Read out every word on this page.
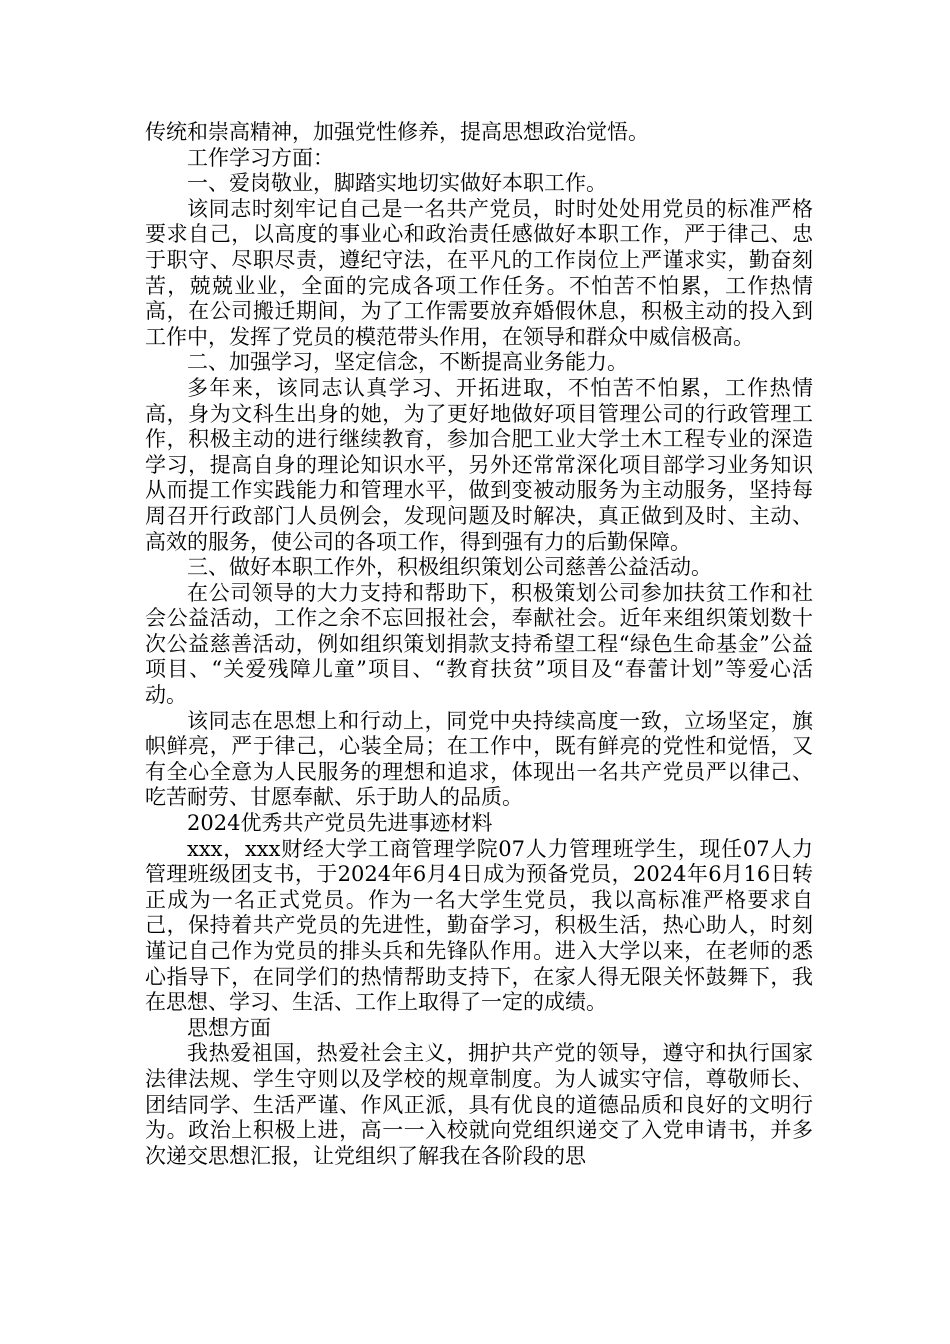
传统和崇高精神，加强党性修养，提高思想政治觉悟。

工作学习方面：

一、爱岗敬业，脚踏实地切实做好本职工作。

该同志时刻牢记自己是一名共产党员，时时处处用党员的标准严格要求自己，以高度的事业心和政治责任感做好本职工作，严于律己、忠于职守、尽职尽责，遵纪守法，在平凡的工作岗位上严谨求实，勤奋刻苦，兢兢业业，全面的完成各项工作任务。不怕苦不怕累，工作热情高，在公司搬迁期间，为了工作需要放弃婚假休息，积极主动的投入到工作中，发挥了党员的模范带头作用，在领导和群众中威信极高。

二、加强学习，坚定信念，不断提高业务能力。

多年来，该同志认真学习、开拓进取，不怕苦不怕累，工作热情高，身为文科生出身的她，为了更好地做好项目管理公司的行政管理工作，积极主动的进行继续教育，参加合肥工业大学土木工程专业的深造学习，提高自身的理论知识水平，另外还常常深化项目部学习业务知识从而提工作实践能力和管理水平，做到变被动服务为主动服务，坚持每周召开行政部门人员例会，发现问题及时解决，真正做到及时、主动、高效的服务，使公司的各项工作，得到强有力的后勤保障。

三、做好本职工作外，积极组织策划公司慈善公益活动。

在公司领导的大力支持和帮助下，积极策划公司参加扶贫工作和社会公益活动，工作之余不忘回报社会，奉献社会。近年来组织策划数十次公益慈善活动，例如组织策划捐款支持希望工程“绿色生命基金”公益项目、“关爱残障儿童”项目、“教育扶贫”项目及“春蕾计划”等爱心活动。

该同志在思想上和行动上，同党中央持续高度一致，立场坚定，旗帜鲜亮，严于律己，心装全局；在工作中，既有鲜亮的党性和觉悟，又有全心全意为人民服务的理想和追求，体现出一名共产党员严以律己、吃苦耐劳、甘愿奉献、乐于助人的品质。

2024优秀共产党员先进事迹材料

xxx，xxx财经大学工商管理学院07人力管理班学生，现任07人力管理班级团支书，于2024年6月4日成为预备党员，2024年6月16日转正成为一名正式党员。作为一名大学生党员，我以高标准严格要求自己，保持着共产党员的先进性，勤奋学习，积极生活，热心助人，时刻谨记自己作为党员的排头兵和先锋队作用。进入大学以来，在老师的悉心指导下，在同学们的热情帮助支持下，在家人得无限关怀鼓舞下，我在思想、学习、生活、工作上取得了一定的成绩。

思想方面

我热爱祖国，热爱社会主义，拥护共产党的领导，遵守和执行国家法律法规、学生守则以及学校的规章制度。为人诚实守信，尊敬师长、团结同学、生活严谨、作风正派，具有优良的道德品质和良好的文明行为。政治上积极上进，高一一入校就向党组织递交了入党申请书，并多次递交思想汇报，让党组织了解我在各阶段的思
